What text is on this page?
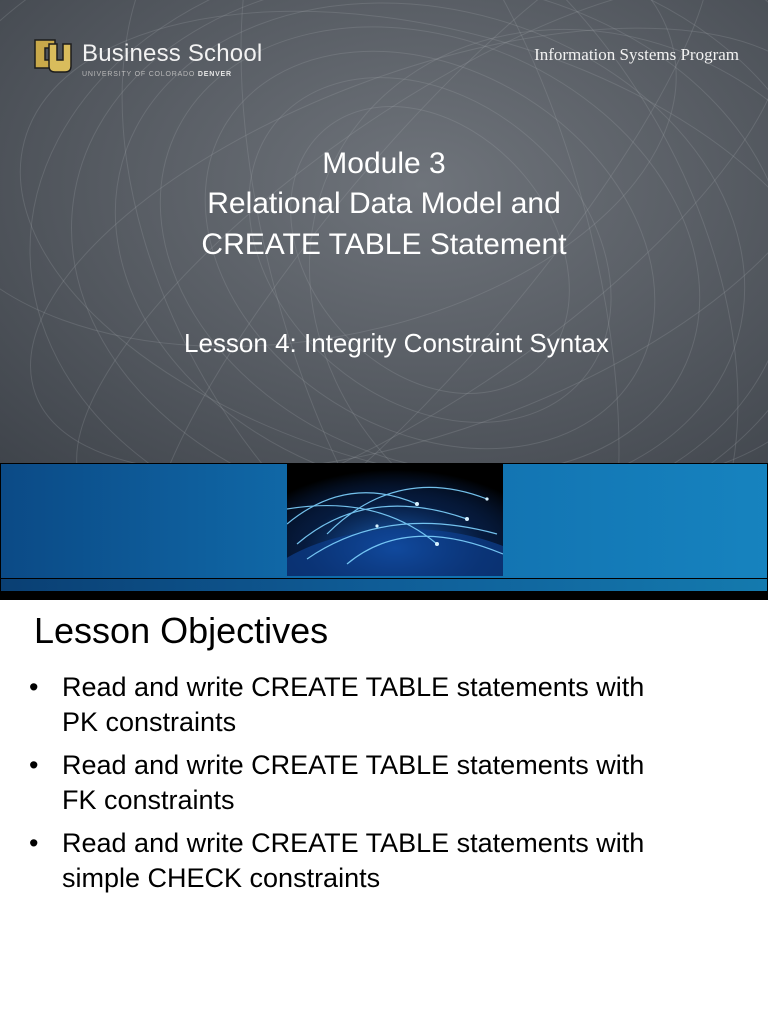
Business School
UNIVERSITY OF COLORADO DENVER
Information Systems Program
Module 3
Relational Data Model and
CREATE TABLE Statement
Lesson 4: Integrity Constraint Syntax
Lesson Objectives
• Read and write CREATE TABLE statements with
PK constraints
• Read and write CREATE TABLE statements with
FK constraints
• Read and write CREATE TABLE statements with
simple CHECK constraints
